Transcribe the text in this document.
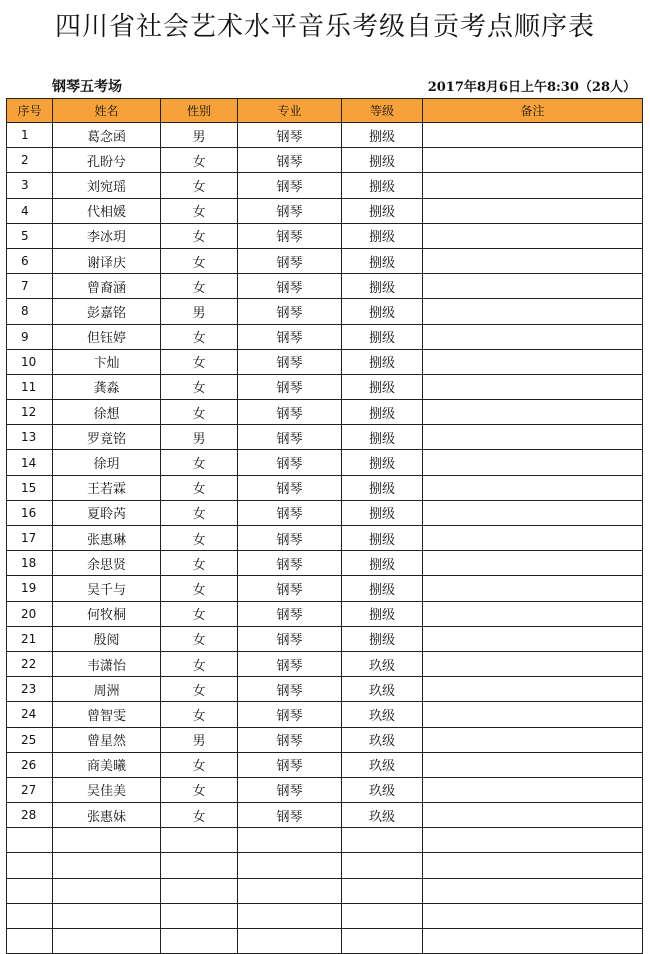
四川省社会艺术水平音乐考级自贡考点顺序表
钢琴五考场	2017年8月6日上午8:30（28人）
序号	姓名	性别	专业	等级	备注
1	葛念函	男	钢琴	捌级	
2	孔盼兮	女	钢琴	捌级	
3	刘宛瑶	女	钢琴	捌级	
4	代相媛	女	钢琴	捌级	
5	李冰玥	女	钢琴	捌级	
6	谢译庆	女	钢琴	捌级	
7	曾裔涵	女	钢琴	捌级	
8	彭嘉铭	男	钢琴	捌级	
9	但钰婷	女	钢琴	捌级	
10	卞灿	女	钢琴	捌级	
11	龚淼	女	钢琴	捌级	
12	徐想	女	钢琴	捌级	
13	罗竟铭	男	钢琴	捌级	
14	徐玥	女	钢琴	捌级	
15	王若霖	女	钢琴	捌级	
16	夏聆芮	女	钢琴	捌级	
17	张惠琳	女	钢琴	捌级	
18	余思贤	女	钢琴	捌级	
19	吴千与	女	钢琴	捌级	
20	何牧桐	女	钢琴	捌级	
21	殷阅	女	钢琴	捌级	
22	韦潇怡	女	钢琴	玖级	
23	周洲	女	钢琴	玖级	
24	曾智雯	女	钢琴	玖级	
25	曾星然	男	钢琴	玖级	
26	商美曦	女	钢琴	玖级	
27	吴佳美	女	钢琴	玖级	
28	张惠妹	女	钢琴	玖级	
